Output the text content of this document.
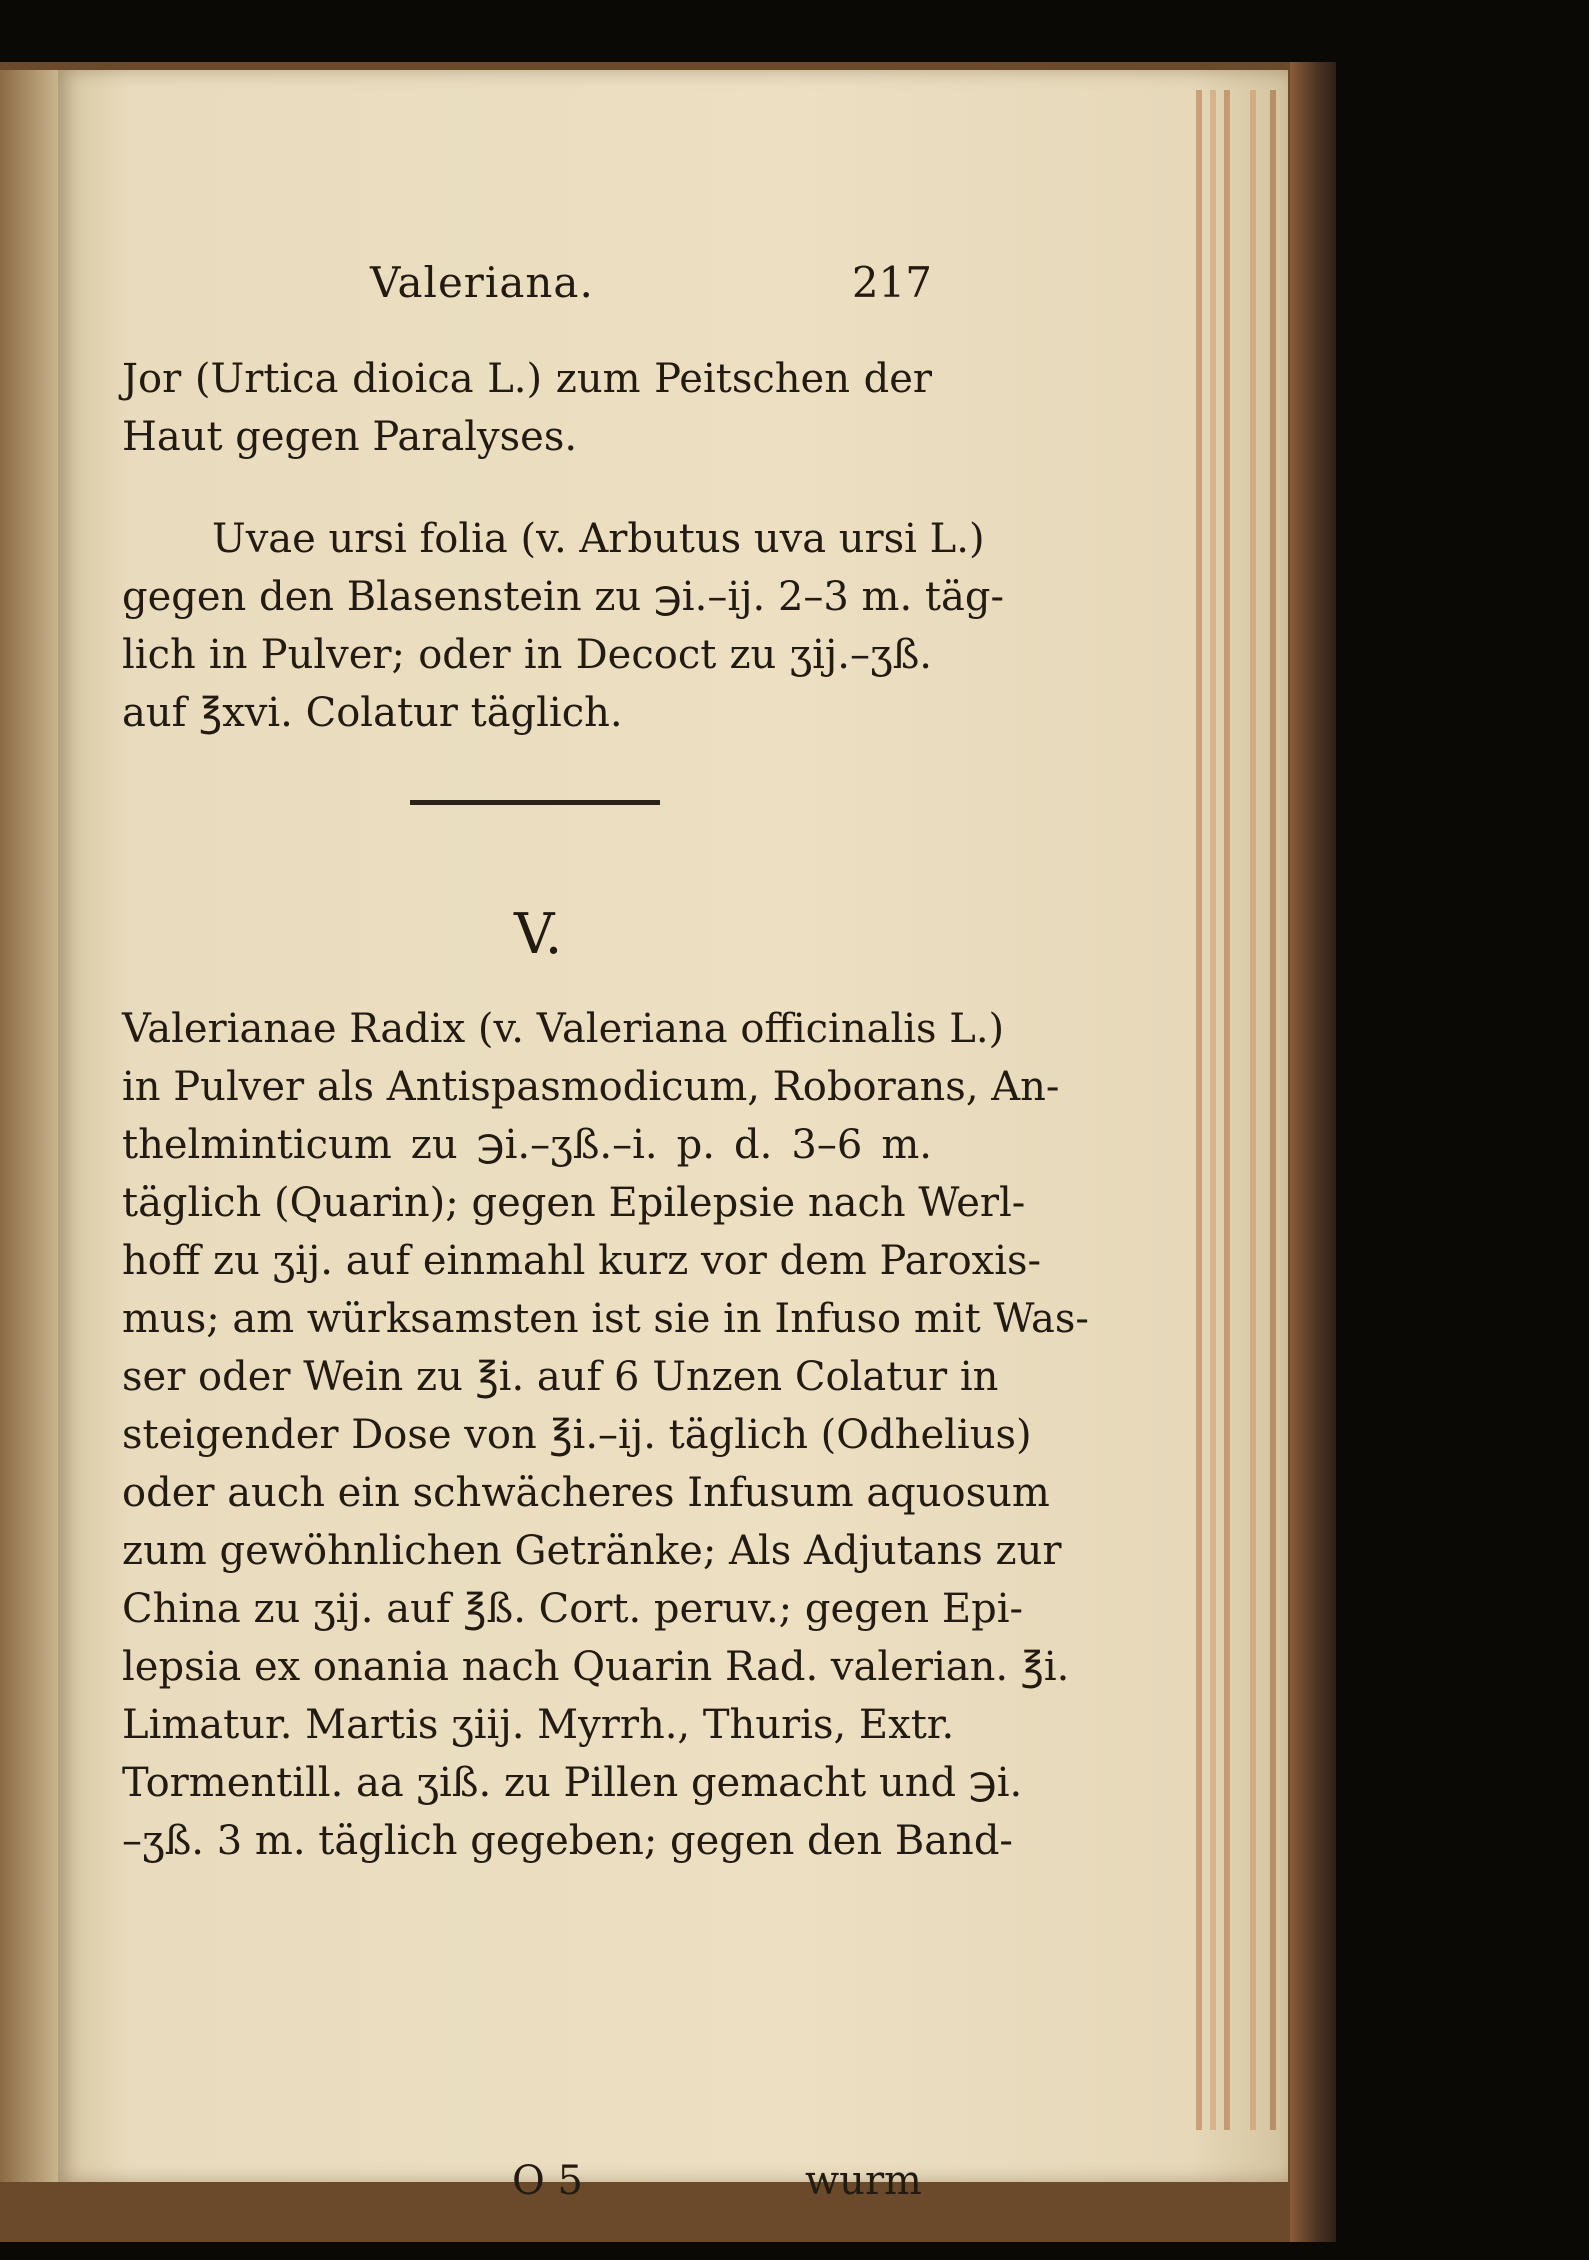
Valeriana.	217
Jor (Urtica dioica L.) zum Peitschen der
Haut gegen Paralyses.
Uvae ursi folia (v. Arbutus uva ursi L.)
gegen den Blasenstein zu ℈i.–ij. 2–3 m. täg-
lich in Pulver; oder in Decoct zu ʒij.–ʒß.
auf ℥xvi. Colatur täglich.
V.
Valerianae Radix (v. Valeriana officinalis L.)
in Pulver als Antispasmodicum, Roborans, An-
thelminticum zu ℈i.–ʒß.–i. p. d. 3–6 m.
täglich (Quarin); gegen Epilepsie nach Werl-
hoff zu ʒij. auf einmahl kurz vor dem Paroxis-
mus; am würksamsten ist sie in Infuso mit Was-
ser oder Wein zu ℥i. auf 6 Unzen Colatur in
steigender Dose von ℥i.–ij. täglich (Odhelius)
oder auch ein schwächeres Infusum aquosum
zum gewöhnlichen Getränke; Als Adjutans zur
China zu ʒij. auf ℥ß. Cort. peruv.; gegen Epi-
lepsia ex onania nach Quarin Rad. valerian. ℥i.
Limatur. Martis ʒiij. Myrrh., Thuris, Extr.
Tormentill. aa ʒiß. zu Pillen gemacht und ℈i.
–ʒß. 3 m. täglich gegeben; gegen den Band-
O 5	wurm
